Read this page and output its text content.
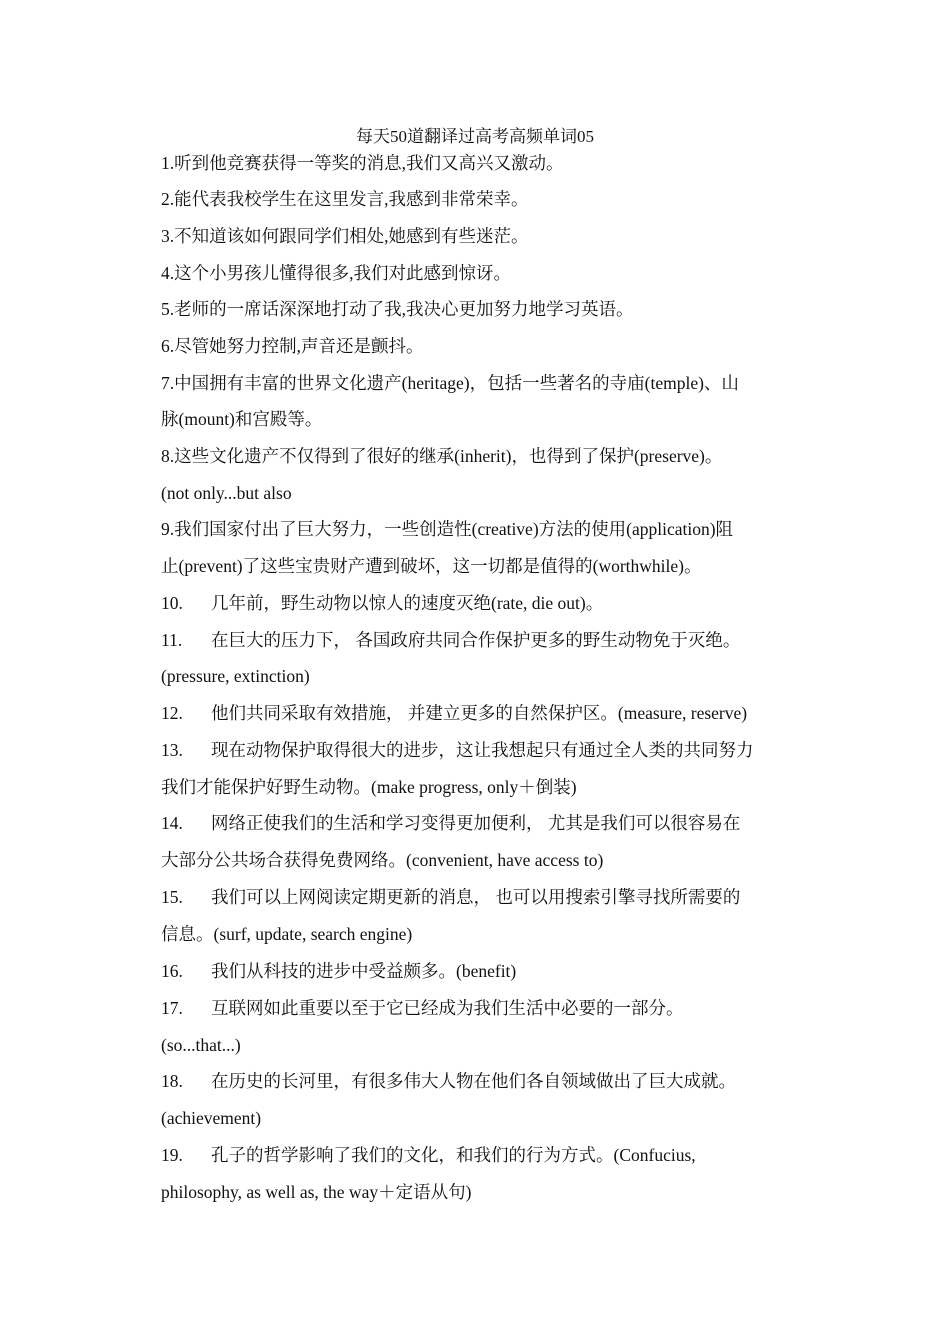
每天50道翻译过高考高频单词05
1.听到他竞赛获得一等奖的消息,我们又高兴又激动。
2.能代表我校学生在这里发言,我感到非常荣幸。
3.不知道该如何跟同学们相处,她感到有些迷茫。
4.这个小男孩儿懂得很多,我们对此感到惊讶。
5.老师的一席话深深地打动了我,我决心更加努力地学习英语。
6.尽管她努力控制,声音还是颤抖。
7.中国拥有丰富的世界文化遗产(heritage)，包括一些著名的寺庙(temple)、山
脉(mount)和宫殿等。
8.这些文化遗产不仅得到了很好的继承(inherit)，也得到了保护(preserve)。
(not only...but also
9.我们国家付出了巨大努力，一些创造性(creative)方法的使用(application)阻
止(prevent)了这些宝贵财产遭到破坏，这一切都是值得的(worthwhile)。
10. 几年前，野生动物以惊人的速度灭绝(rate, die out)。
11. 在巨大的压力下， 各国政府共同合作保护更多的野生动物免于灭绝。
(pressure, extinction)
12. 他们共同采取有效措施， 并建立更多的自然保护区。(measure, reserve)
13. 现在动物保护取得很大的进步，这让我想起只有通过全人类的共同努力
我们才能保护好野生动物。(make progress, only＋倒装)
14. 网络正使我们的生活和学习变得更加便利， 尤其是我们可以很容易在
大部分公共场合获得免费网络。(convenient, have access to)
15. 我们可以上网阅读定期更新的消息， 也可以用搜索引擎寻找所需要的
信息。(surf, update, search engine)
16. 我们从科技的进步中受益颇多。(benefit)
17. 互联网如此重要以至于它已经成为我们生活中必要的一部分。
(so...that...)
18. 在历史的长河里，有很多伟大人物在他们各自领域做出了巨大成就。
(achievement)
19. 孔子的哲学影响了我们的文化，和我们的行为方式。(Confucius,
philosophy, as well as, the way＋定语从句)
